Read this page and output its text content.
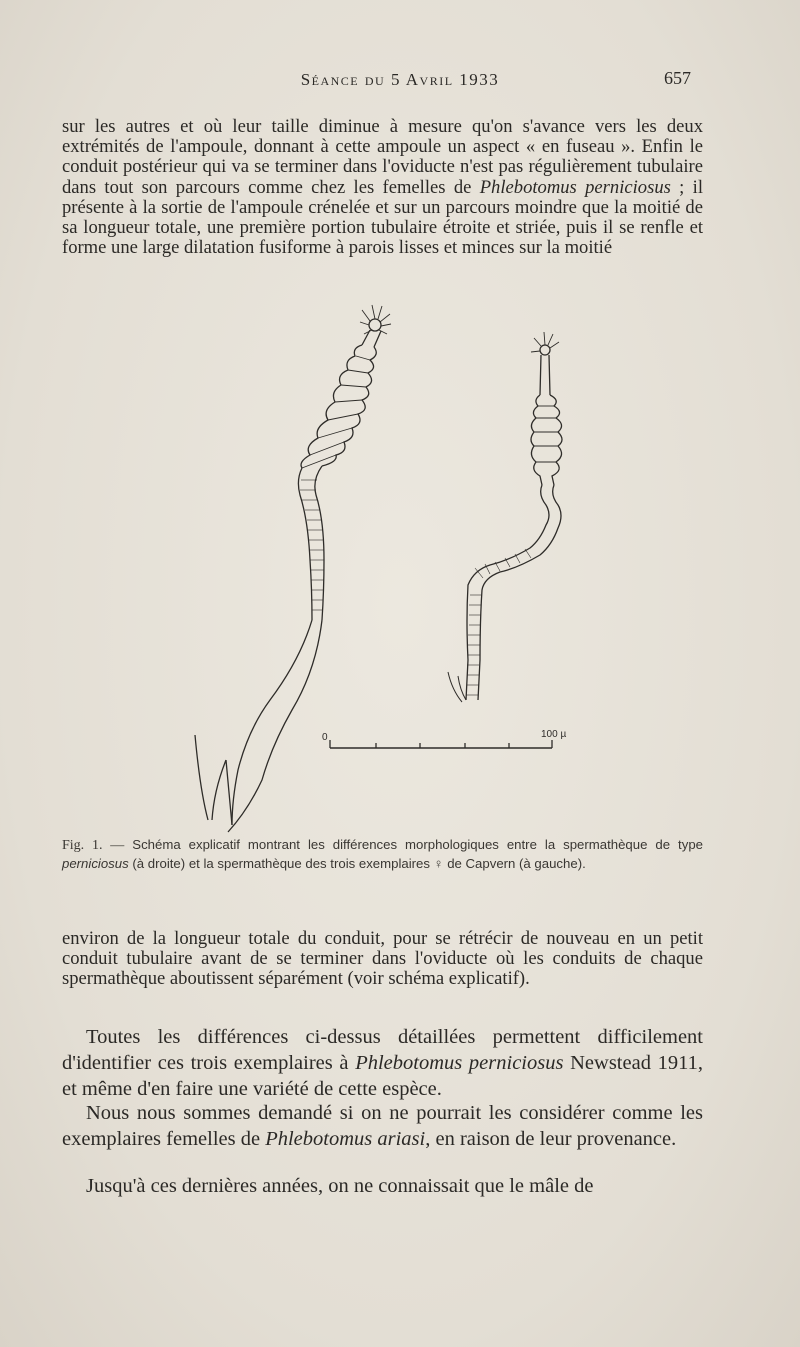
Séance du 5 Avril 1933	657

sur les autres et où leur taille diminue à mesure qu'on s'avance vers les deux extrémités de l'ampoule, donnant à cette ampoule un aspect « en fuseau ». Enfin le conduit postérieur qui va se terminer dans l'oviducte n'est pas régulièrement tubulaire dans tout son parcours comme chez les femelles de Phlebotomus perniciosus ; il présente à la sortie de l'ampoule crénelée et sur un parcours moindre que la moitié de sa longueur totale, une première portion tubulaire étroite et striée, puis il se renfle et forme une large dilatation fusiforme à parois lisses et minces sur la moitié

0	100 µ
Fig. 1. — Schéma explicatif montrant les différences morphologiques entre la spermathèque de type perniciosus (à droite) et la spermathèque des trois exemplaires ♀ de Capvern (à gauche).

environ de la longueur totale du conduit, pour se rétrécir de nouveau en un petit conduit tubulaire avant de se terminer dans l'oviducte où les conduits de chaque spermathèque aboutissent séparément (voir schéma explicatif).

Toutes les différences ci-dessus détaillées permettent difficilement d'identifier ces trois exemplaires à Phlebotomus perniciosus Newstead 1911, et même d'en faire une variété de cette espèce.

Nous nous sommes demandé si on ne pourrait les considérer comme les exemplaires femelles de Phlebotomus ariasi, en raison de leur provenance.

Jusqu'à ces dernières années, on ne connaissait que le mâle de
